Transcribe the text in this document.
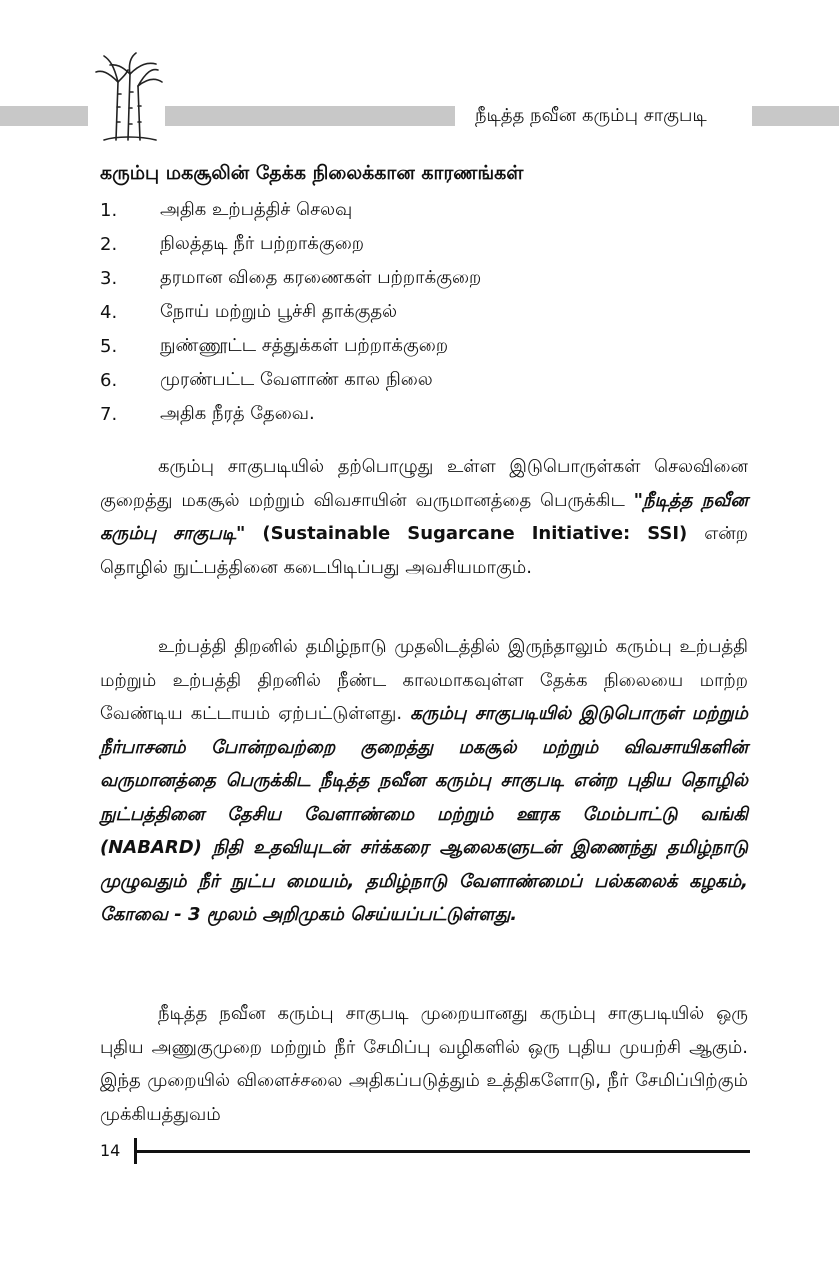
நீடித்த நவீன கரும்பு சாகுபடி
கரும்பு மகசூலின் தேக்க நிலைக்கான காரணங்கள்
1.	அதிக உற்பத்திச் செலவு
2.	நிலத்தடி நீர் பற்றாக்குறை
3.	தரமான விதை கரணைகள் பற்றாக்குறை
4.	நோய் மற்றும் பூச்சி தாக்குதல்
5.	நுண்ணூட்ட சத்துக்கள் பற்றாக்குறை
6.	முரண்பட்ட வேளாண் கால நிலை
7.	அதிக நீரத் தேவை.

கரும்பு சாகுபடியில் தற்பொழுது உள்ள இடுபொருள்கள் செலவினை குறைத்து மகசூல் மற்றும் விவசாயின் வருமானத்தை பெருக்கிட "நீடித்த நவீன கரும்பு சாகுபடி" (Sustainable Sugarcane Initiative: SSI) என்ற தொழில் நுட்பத்தினை கடைபிடிப்பது அவசியமாகும்.

உற்பத்தி திறனில் தமிழ்நாடு முதலிடத்தில் இருந்தாலும் கரும்பு உற்பத்தி மற்றும் உற்பத்தி திறனில் நீண்ட காலமாகவுள்ள தேக்க நிலையை மாற்ற வேண்டிய கட்டாயம் ஏற்பட்டுள்ளது. கரும்பு சாகுபடியில் இடுபொருள் மற்றும் நீர்பாசனம் போன்றவற்றை குறைத்து மகசூல் மற்றும் விவசாயிகளின் வருமானத்தை பெருக்கிட நீடித்த நவீன கரும்பு சாகுபடி என்ற புதிய தொழில் நுட்பத்தினை தேசிய வேளாண்மை மற்றும் ஊரக மேம்பாட்டு வங்கி (NABARD) நிதி உதவியுடன் சர்க்கரை ஆலைகளுடன் இணைந்து தமிழ்நாடு முழுவதும் நீர் நுட்ப மையம், தமிழ்நாடு வேளாண்மைப் பல்கலைக் கழகம், கோவை - 3 மூலம் அறிமுகம் செய்யப்பட்டுள்ளது.

நீடித்த நவீன கரும்பு சாகுபடி முறையானது கரும்பு சாகுபடியில் ஒரு புதிய அணுகுமுறை மற்றும் நீர் சேமிப்பு வழிகளில் ஒரு புதிய முயற்சி ஆகும். இந்த முறையில் விளைச்சலை அதிகப்படுத்தும் உத்திகளோடு, நீர் சேமிப்பிற்கும் முக்கியத்துவம்

14
